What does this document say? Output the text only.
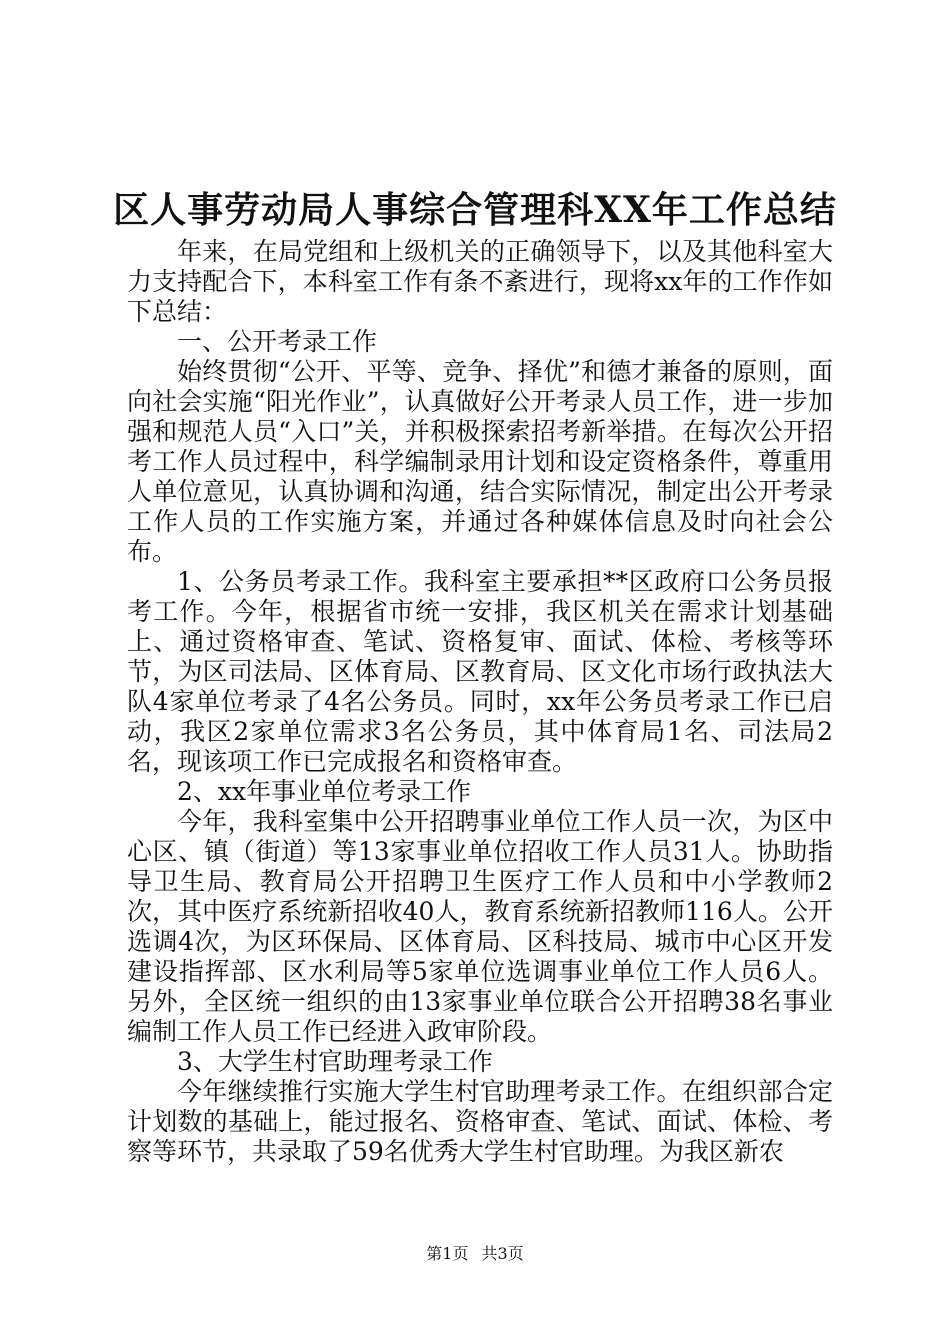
区人事劳动局人事综合管理科XX年工作总结

年来，在局党组和上级机关的正确领导下，以及其他科室大力支持配合下，本科室工作有条不紊进行，现将xx年的工作作如下总结：

一、公开考录工作

始终贯彻“公开、平等、竞争、择优”和德才兼备的原则，面向社会实施“阳光作业”，认真做好公开考录人员工作，进一步加强和规范人员“入口”关，并积极探索招考新举措。在每次公开招考工作人员过程中，科学编制录用计划和设定资格条件，尊重用人单位意见，认真协调和沟通，结合实际情况，制定出公开考录工作人员的工作实施方案，并通过各种媒体信息及时向社会公布。

1、公务员考录工作。我科室主要承担**区政府口公务员报考工作。今年，根据省市统一安排，我区机关在需求计划基础上、通过资格审查、笔试、资格复审、面试、体检、考核等环节，为区司法局、区体育局、区教育局、区文化市场行政执法大队4家单位考录了4名公务员。同时，xx年公务员考录工作已启动，我区2家单位需求3名公务员，其中体育局1名、司法局2名，现该项工作已完成报名和资格审查。

2、xx年事业单位考录工作

今年，我科室集中公开招聘事业单位工作人员一次，为区中心区、镇（街道）等13家事业单位招收工作人员31人。协助指导卫生局、教育局公开招聘卫生医疗工作人员和中小学教师2次，其中医疗系统新招收40人，教育系统新招教师116人。公开选调4次，为区环保局、区体育局、区科技局、城市中心区开发建设指挥部、区水利局等5家单位选调事业单位工作人员6人。另外，全区统一组织的由13家事业单位联合公开招聘38名事业编制工作人员工作已经进入政审阶段。

3、大学生村官助理考录工作

今年继续推行实施大学生村官助理考录工作。在组织部合定计划数的基础上，能过报名、资格审查、笔试、面试、体检、考察等环节，共录取了59名优秀大学生村官助理。为我区新农

第1页 共3页
